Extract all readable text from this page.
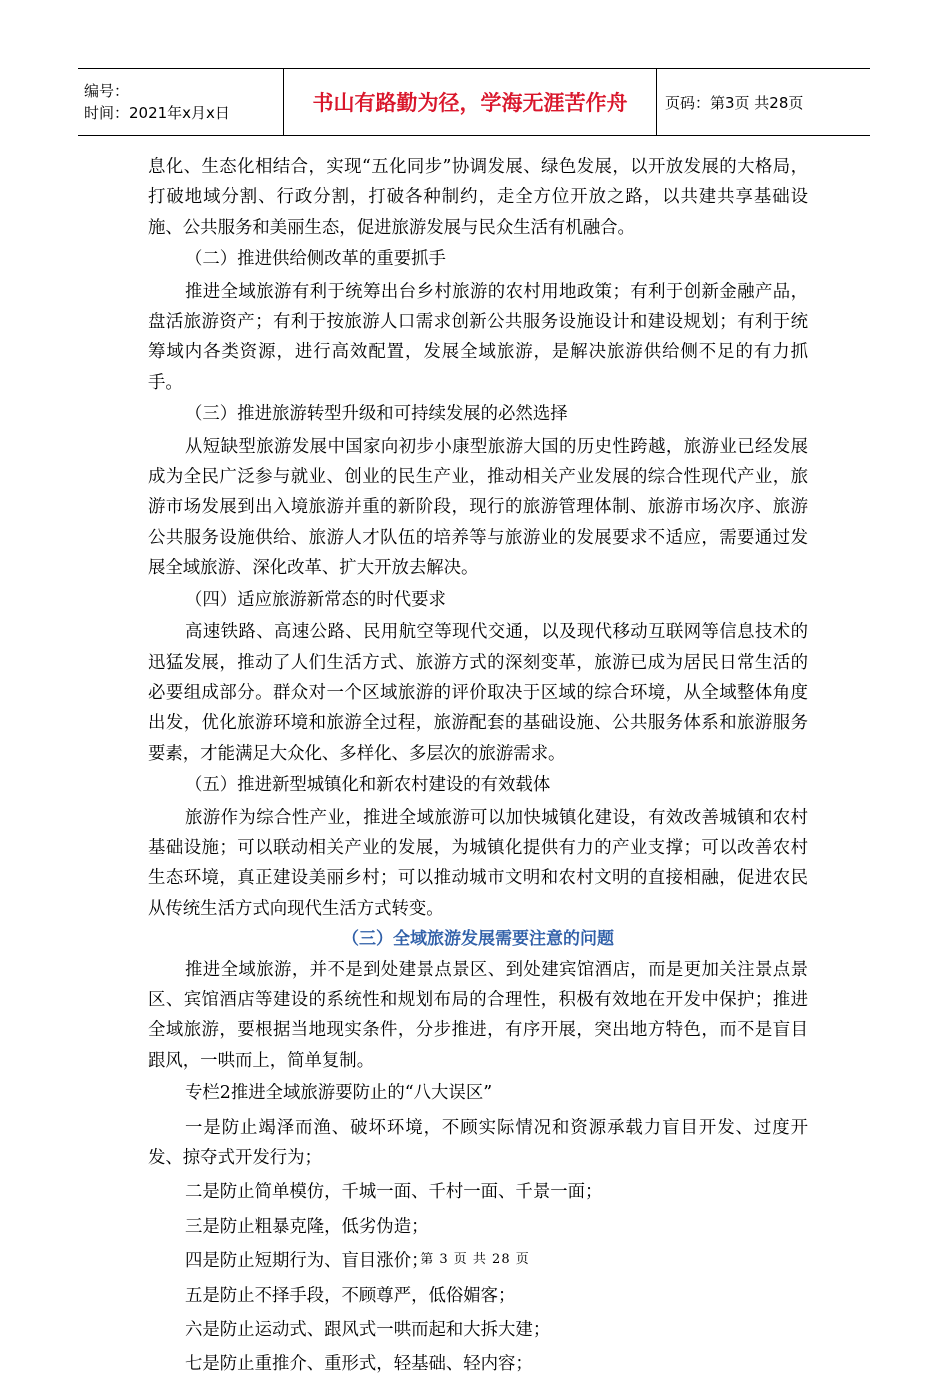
编号：
时间：2021年x月x日	书山有路勤为径，学海无涯苦作舟	页码：第3页 共28页

息化、生态化相结合，实现“五化同步”协调发展、绿色发展，以开放发展的大格局，打破地域分割、行政分割，打破各种制约，走全方位开放之路，以共建共享基础设施、公共服务和美丽生态，促进旅游发展与民众生活有机融合。

（二）推进供给侧改革的重要抓手

推进全域旅游有利于统筹出台乡村旅游的农村用地政策；有利于创新金融产品，盘活旅游资产；有利于按旅游人口需求创新公共服务设施设计和建设规划；有利于统筹域内各类资源，进行高效配置，发展全域旅游，是解决旅游供给侧不足的有力抓手。

（三）推进旅游转型升级和可持续发展的必然选择

从短缺型旅游发展中国家向初步小康型旅游大国的历史性跨越，旅游业已经发展成为全民广泛参与就业、创业的民生产业，推动相关产业发展的综合性现代产业，旅游市场发展到出入境旅游并重的新阶段，现行的旅游管理体制、旅游市场次序、旅游公共服务设施供给、旅游人才队伍的培养等与旅游业的发展要求不适应，需要通过发展全域旅游、深化改革、扩大开放去解决。

（四）适应旅游新常态的时代要求

高速铁路、高速公路、民用航空等现代交通，以及现代移动互联网等信息技术的迅猛发展，推动了人们生活方式、旅游方式的深刻变革，旅游已成为居民日常生活的必要组成部分。群众对一个区域旅游的评价取决于区域的综合环境，从全域整体角度出发，优化旅游环境和旅游全过程，旅游配套的基础设施、公共服务体系和旅游服务要素，才能满足大众化、多样化、多层次的旅游需求。

（五）推进新型城镇化和新农村建设的有效载体

旅游作为综合性产业，推进全域旅游可以加快城镇化建设，有效改善城镇和农村基础设施；可以联动相关产业的发展，为城镇化提供有力的产业支撑；可以改善农村生态环境，真正建设美丽乡村；可以推动城市文明和农村文明的直接相融，促进农民从传统生活方式向现代生活方式转变。

（三）全域旅游发展需要注意的问题

推进全域旅游，并不是到处建景点景区、到处建宾馆酒店，而是更加关注景点景区、宾馆酒店等建设的系统性和规划布局的合理性，积极有效地在开发中保护；推进全域旅游，要根据当地现实条件，分步推进，有序开展，突出地方特色，而不是盲目跟风，一哄而上，简单复制。

专栏2推进全域旅游要防止的“八大误区”

一是防止竭泽而渔、破坏环境，不顾实际情况和资源承载力盲目开发、过度开发、掠夺式开发行为；

二是防止简单模仿，千城一面、千村一面、千景一面；

三是防止粗暴克隆，低劣伪造；

四是防止短期行为、盲目涨价；

五是防止不择手段，不顾尊严，低俗媚客；

六是防止运动式、跟风式一哄而起和大拆大建；

七是防止重推介、重形式，轻基础、轻内容；

第 3 页 共 28 页
